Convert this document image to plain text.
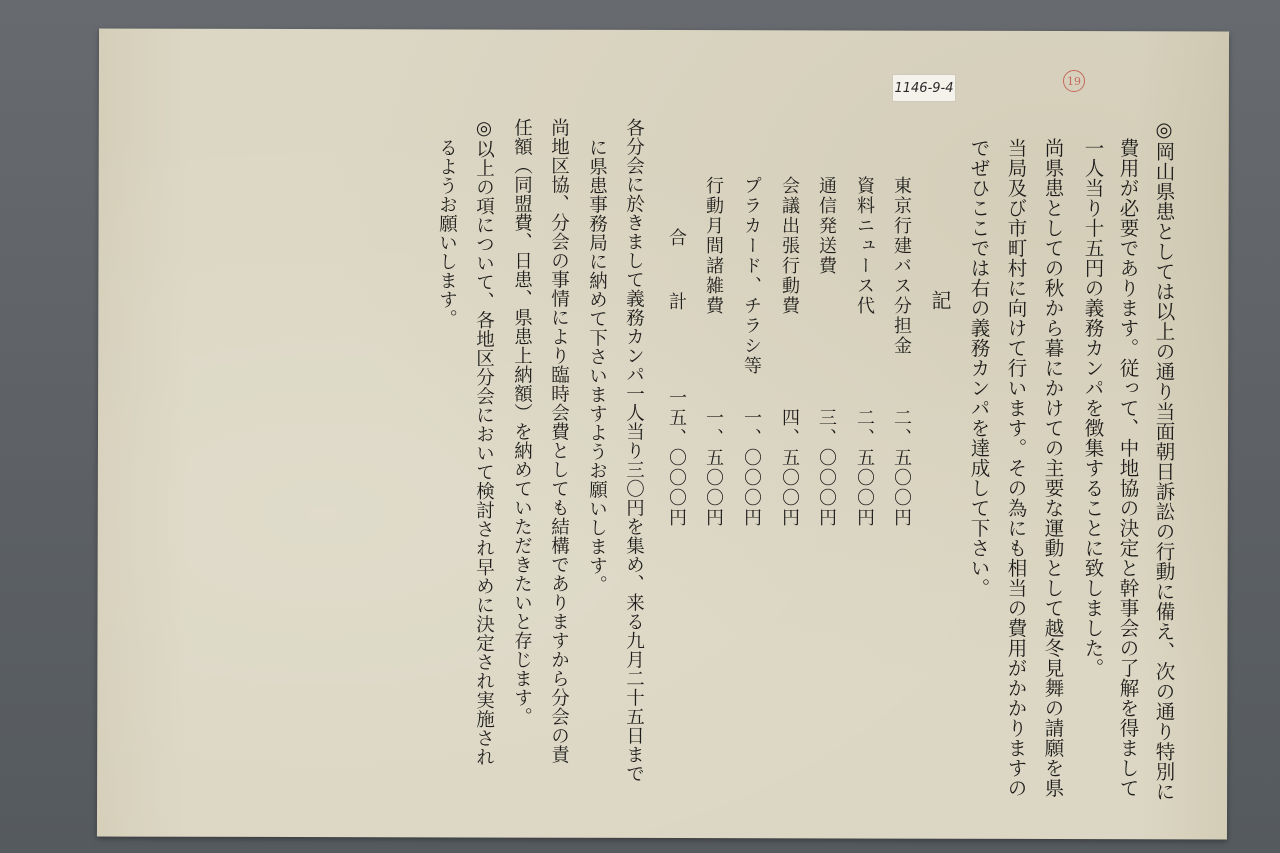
1146-9-4	19
◎岡山県患としては以上の通り当面朝日訴訟の行動に備え、次の通り特別に
費用が必要であります。従って、中地協の決定と幹事会の了解を得まして
一人当り十五円の義務カンパを徴集することに致しました。
尚県患としての秋から暮にかけての主要な運動として越冬見舞の請願を県
当局及び市町村に向けて行います。その為にも相当の費用がかかりますの
でぜひここでは右の義務カンパを達成して下さい。
記
東京行建バス分担金
二、五〇〇円
資料ニュース代
二、五〇〇円
通信発送費
三、〇〇〇円
会議出張行動費
四、五〇〇円
プラカード、チラシ等
一、〇〇〇円
行動月間諸雑費
一、五〇〇円
合　計
一五、〇〇〇円
各分会に於きまして義務カンパ一人当り三〇円を集め、来る九月二十五日まで
に県患事務局に納めて下さいますようお願いします。
尚地区協、分会の事情により臨時会費としても結構でありますから分会の責
任額（同盟費、日患、県患上納額）を納めていただきたいと存じます。
◎以上の項について、各地区分会において検討され早めに決定され実施され
るようお願いします。
